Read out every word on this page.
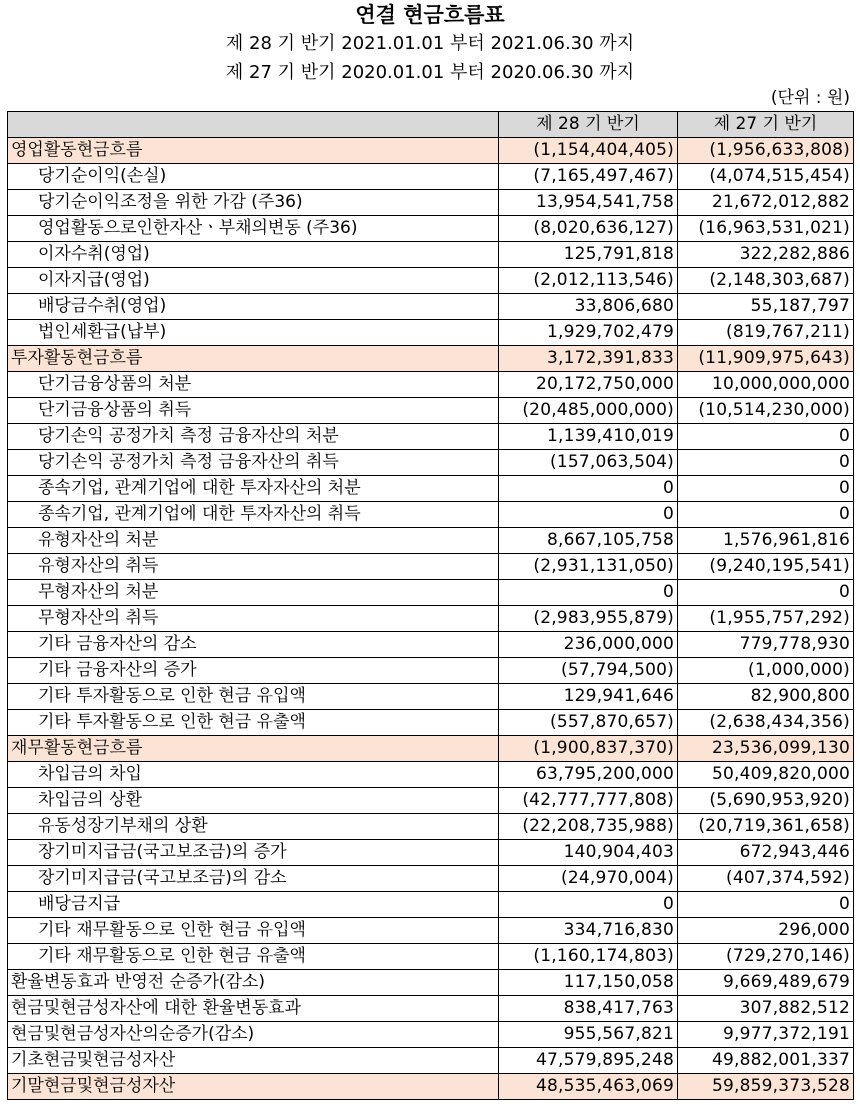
연결 현금흐름표
제 28 기 반기 2021.01.01 부터 2021.06.30 까지
제 27 기 반기 2020.01.01 부터 2020.06.30 까지
(단위 : 원)
	제 28 기 반기	제 27 기 반기
영업활동현금흐름	(1,154,404,405)	(1,956,633,808)
당기순이익(손실)	(7,165,497,467)	(4,074,515,454)
당기순이익조정을 위한 가감 (주36)	13,954,541,758	21,672,012,882
영업활동으로인한자산ㆍ부채의변동 (주36)	(8,020,636,127)	(16,963,531,021)
이자수취(영업)	125,791,818	322,282,886
이자지급(영업)	(2,012,113,546)	(2,148,303,687)
배당금수취(영업)	33,806,680	55,187,797
법인세환급(납부)	1,929,702,479	(819,767,211)
투자활동현금흐름	3,172,391,833	(11,909,975,643)
단기금융상품의 처분	20,172,750,000	10,000,000,000
단기금융상품의 취득	(20,485,000,000)	(10,514,230,000)
당기손익 공정가치 측정 금융자산의 처분	1,139,410,019	0
당기손익 공정가치 측정 금융자산의 취득	(157,063,504)	0
종속기업, 관계기업에 대한 투자자산의 처분	0	0
종속기업, 관계기업에 대한 투자자산의 취득	0	0
유형자산의 처분	8,667,105,758	1,576,961,816
유형자산의 취득	(2,931,131,050)	(9,240,195,541)
무형자산의 처분	0	0
무형자산의 취득	(2,983,955,879)	(1,955,757,292)
기타 금융자산의 감소	236,000,000	779,778,930
기타 금융자산의 증가	(57,794,500)	(1,000,000)
기타 투자활동으로 인한 현금 유입액	129,941,646	82,900,800
기타 투자활동으로 인한 현금 유출액	(557,870,657)	(2,638,434,356)
재무활동현금흐름	(1,900,837,370)	23,536,099,130
차입금의 차입	63,795,200,000	50,409,820,000
차입금의 상환	(42,777,777,808)	(5,690,953,920)
유동성장기부채의 상환	(22,208,735,988)	(20,719,361,658)
장기미지급금(국고보조금)의 증가	140,904,403	672,943,446
장기미지급금(국고보조금)의 감소	(24,970,004)	(407,374,592)
배당금지급	0	0
기타 재무활동으로 인한 현금 유입액	334,716,830	296,000
기타 재무활동으로 인한 현금 유출액	(1,160,174,803)	(729,270,146)
환율변동효과 반영전 순증가(감소)	117,150,058	9,669,489,679
현금및현금성자산에 대한 환율변동효과	838,417,763	307,882,512
현금및현금성자산의순증가(감소)	955,567,821	9,977,372,191
기초현금및현금성자산	47,579,895,248	49,882,001,337
기말현금및현금성자산	48,535,463,069	59,859,373,528
